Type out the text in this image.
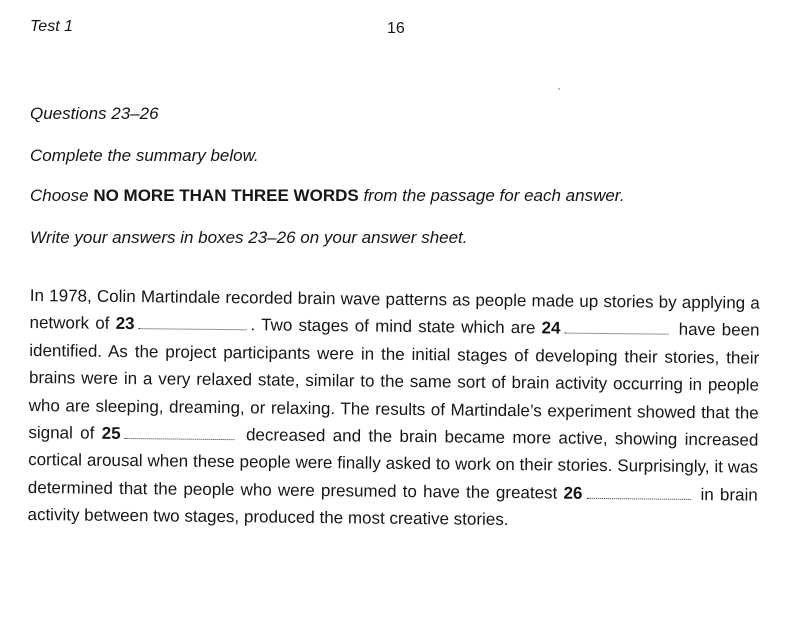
Test 1	16
Questions 23–26
Complete the summary below.
Choose NO MORE THAN THREE WORDS from the passage for each answer.
Write your answers in boxes 23–26 on your answer sheet.
In 1978, Colin Martindale recorded brain wave patterns as people made up stories by applying a network of 23	. Two stages of mind state which are 24	have been identified. As the project participants were in the initial stages of developing their stories, their brains were in a very relaxed state, similar to the same sort of brain activity occurring in people who are sleeping, dreaming, or relaxing. The results of Martindale’s experiment showed that the signal of 25	decreased and the brain became more active, showing increased cortical arousal when these people were finally asked to work on their stories. Surprisingly, it was determined that the people who were presumed to have the greatest 26	in brain activity between two stages, produced the most creative stories.
